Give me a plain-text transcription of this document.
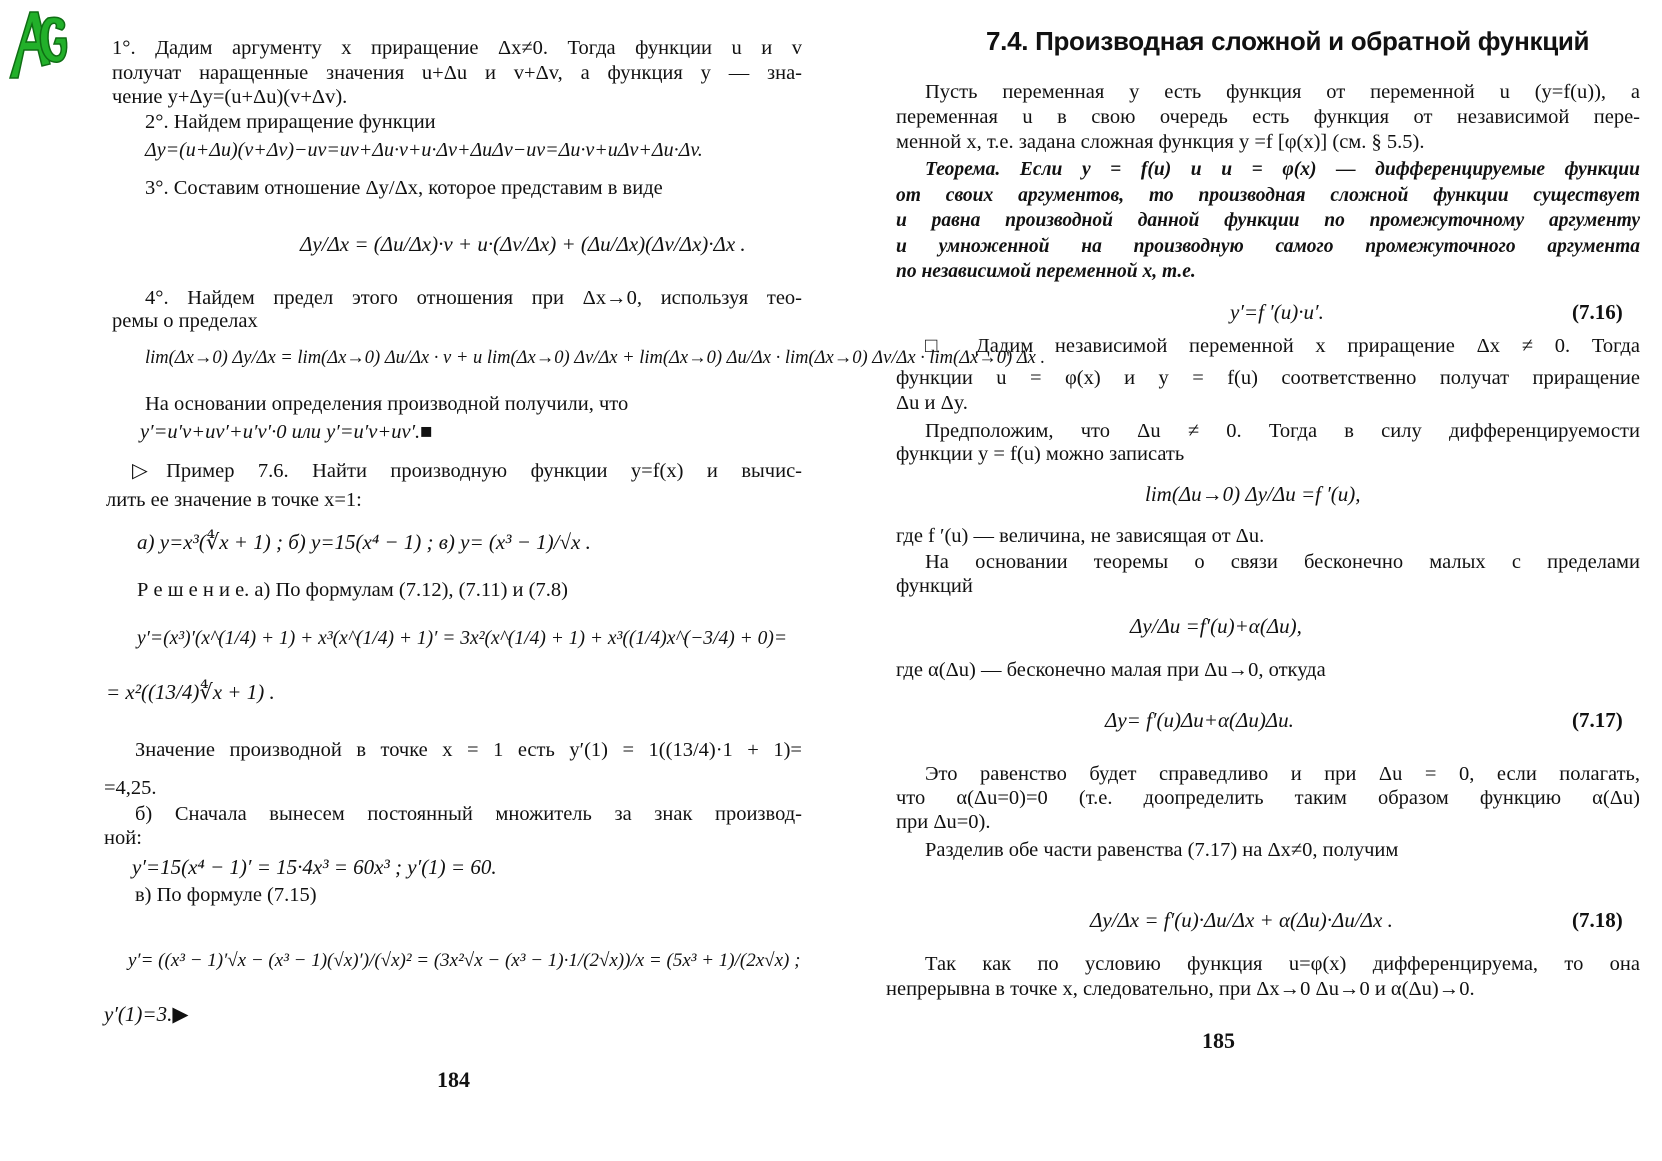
1°. Дадим аргументу x приращение Δx≠0. Тогда функции u и v
получат наращенные значения u+Δu и v+Δv, а функция y — зна-
чение y+Δy=(u+Δu)(v+Δv).
2°. Найдем приращение функции
Δy=(u+Δu)(v+Δv)−uv=uv+Δu·v+u·Δv+ΔuΔv−uv=Δu·v+uΔv+Δu·Δv.
3°. Составим отношение Δy/Δx, которое представим в виде
Δy/Δx = (Δu/Δx)·v + u·(Δv/Δx) + (Δu/Δx)(Δv/Δx)·Δx .
4°. Найдем предел этого отношения при Δx→0, используя тео-
ремы о пределах
lim(Δx→0) Δy/Δx = lim(Δx→0) Δu/Δx · v + u lim(Δx→0) Δv/Δx + lim(Δx→0) Δu/Δx · lim(Δx→0) Δv/Δx · lim(Δx→0) Δx .
На основании определения производной получили, что
y′=u′v+uv′+u′v′·0 или y′=u′v+uv′.■
▷Пример 7.6. Найти производную функции y=f(x) и вычис-
лить ее значение в точке x=1:
а) y=x³(∜x + 1) ; б) y=15(x⁴ − 1) ; в) y= (x³ − 1)/√x .
Р е ш е н и е. а) По формулам (7.12), (7.11) и (7.8)
y′=(x³)′(x^(1/4) + 1) + x³(x^(1/4) + 1)′ = 3x²(x^(1/4) + 1) + x³((1/4)x^(−3/4) + 0)=
= x²((13/4)∜x + 1) .
Значение производной в точке x = 1 есть y′(1) = 1((13/4)·1 + 1)=
=4,25.
б) Сначала вынесем постоянный множитель за знак производ-
ной:
y′=15(x⁴ − 1)′ = 15·4x³ = 60x³ ; y′(1) = 60.
в) По формуле (7.15)
y′= ((x³ − 1)′√x − (x³ − 1)(√x)′)/(√x)² = (3x²√x − (x³ − 1)·1/(2√x))/x = (5x³ + 1)/(2x√x) ;
y′(1)=3.▶
184
7.4. Производная сложной и обратной функций
Пусть переменная y есть функция от переменной u (y=f(u)), а
переменная u в свою очередь есть функция от независимой пере-
менной x, т.е. задана сложная функция y =f [φ(x)] (см. § 5.5).
Теорема. Если y = f(u) и u = φ(x) — дифференцируемые функции
от своих аргументов, то производная сложной функции существует
и равна производной данной функции по промежуточному аргументу
и умноженной на производную самого промежуточного аргумента
по независимой переменной x, т.е.
y′=f ′(u)·u′.	(7.16)
□ Дадим независимой переменной x приращение Δx ≠ 0. Тогда
функции u = φ(x) и y = f(u) соответственно получат приращение
Δu и Δy.
Предположим, что Δu ≠ 0. Тогда в силу дифференцируемости
функции y = f(u) можно записать
lim(Δu→0) Δy/Δu =f ′(u),
где f ′(u) — величина, не зависящая от Δu.
На основании теоремы о связи бесконечно малых с пределами
функций
Δy/Δu =f′(u)+α(Δu),
где α(Δu) — бесконечно малая при Δu→0, откуда
Δy= f′(u)Δu+α(Δu)Δu.	(7.17)
Это равенство будет справедливо и при Δu = 0, если полагать,
что α(Δu=0)=0 (т.е. доопределить таким образом функцию α(Δu)
при Δu=0).
Разделив обе части равенства (7.17) на Δx≠0, получим
Δy/Δx = f′(u)·Δu/Δx + α(Δu)·Δu/Δx .	(7.18)
Так как по условию функция u=φ(x) дифференцируема, то она
непрерывна в точке x, следовательно, при Δx→0 Δu→0 и α(Δu)→0.
185
